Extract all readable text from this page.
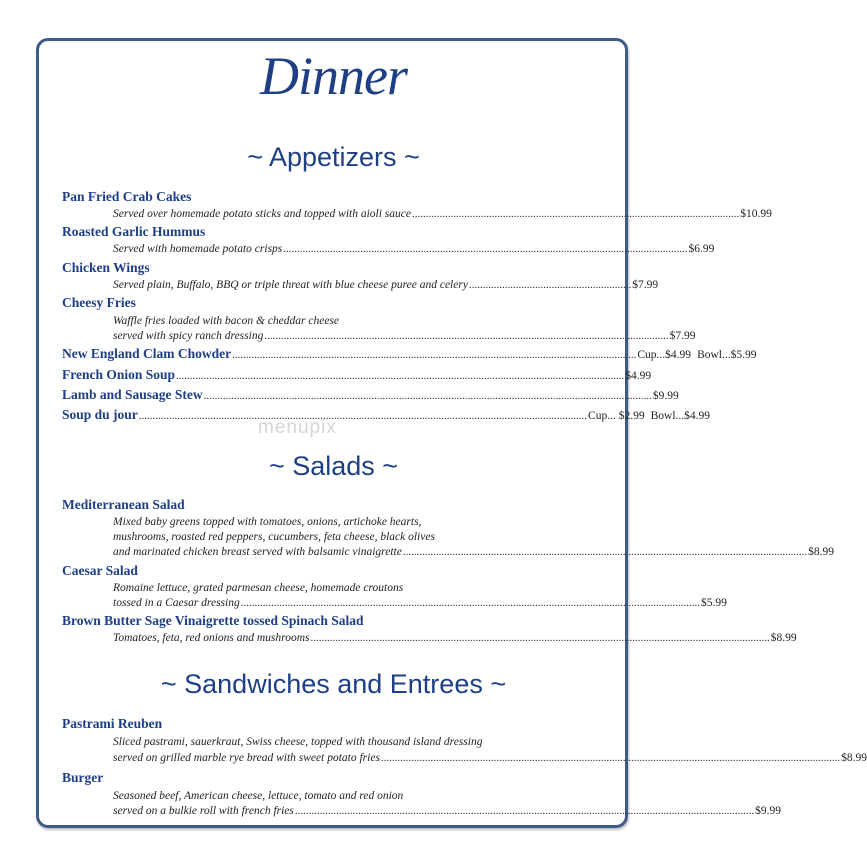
Dinner
~ Appetizers ~
Pan Fried Crab Cakes
Served over homemade potato sticks and topped with aioli sauce ....................................................................................................................... $10.99
Roasted Garlic Hummus
Served with homemade potato crisps ................................................................................................................................................... $6.99
Chicken Wings
Served plain, Buffalo, BBQ or triple threat with blue cheese puree and celery ........................................................... $7.99
Cheesy Fries
Waffle fries loaded with bacon & cheddar cheese
served with spicy ranch dressing ................................................................................................................................................... $7.99
New England Clam Chowder ................................................................................................................................................... Cup...$4.99 Bowl...$5.99
French Onion Soup ................................................................................................................................................................... $4.99
Lamb and Sausage Stew ................................................................................................................................................................... $9.99
Soup du jour ................................................................................................................................................................... Cup... $2.99 Bowl...$4.99
menupix
~ Salads ~
Mediterranean Salad
Mixed baby greens topped with tomatoes, onions, artichoke hearts,
mushrooms, roasted red peppers, cucumbers, feta cheese, black olives
and marinated chicken breast served with balsamic vinaigrette ................................................................................................................................................... $8.99
Caesar Salad
Romaine lettuce, grated parmesan cheese, homemade croutons
tossed in a Caesar dressing ....................................................................................................................................................................... $5.99
Brown Butter Sage Vinaigrette tossed Spinach Salad
Tomatoes, feta, red onions and mushrooms ....................................................................................................................................................................... $8.99
~ Sandwiches and Entrees ~
Pastrami Reuben
Sliced pastrami, sauerkraut, Swiss cheese, topped with thousand island dressing
served on grilled marble rye bread with sweet potato fries ....................................................................................................................................................................... $8.99
Burger
Seasoned beef, American cheese, lettuce, tomato and red onion
served on a bulkie roll with french fries ....................................................................................................................................................................... $9.99
